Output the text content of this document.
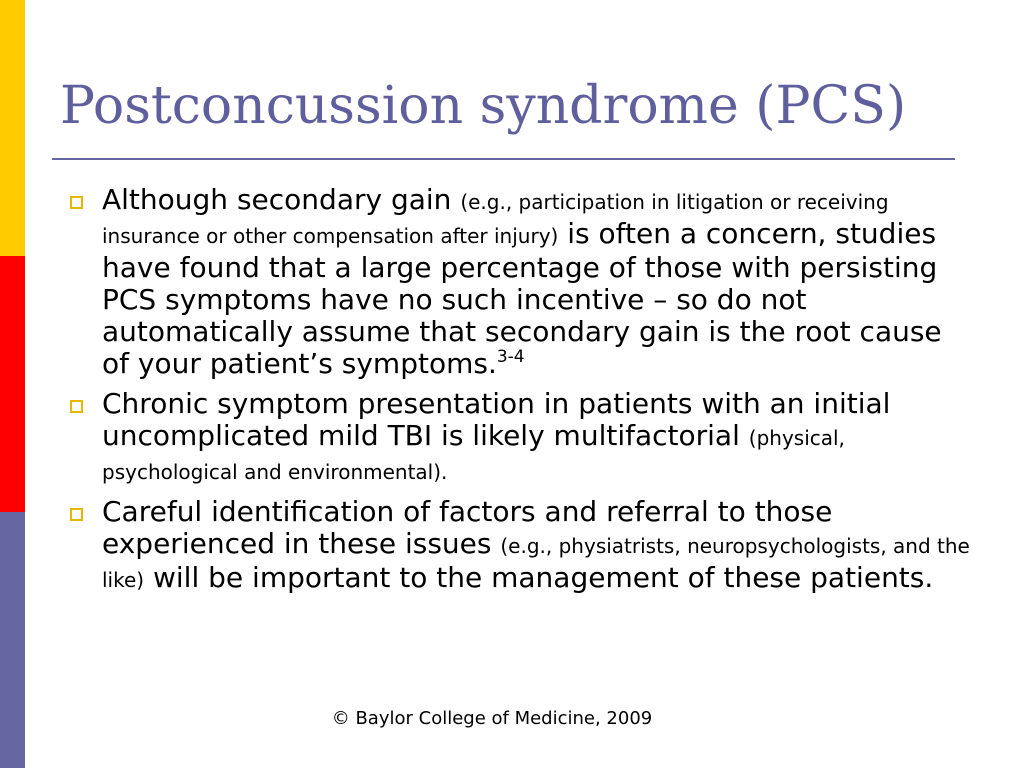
Postconcussion syndrome (PCS)
Although secondary gain (e.g., participation in litigation or receiving insurance or other compensation after injury) is often a concern, studies have found that a large percentage of those with persisting PCS symptoms have no such incentive – so do not automatically assume that secondary gain is the root cause of your patient’s symptoms.$^{3-4}$
Chronic symptom presentation in patients with an initial uncomplicated mild TBI is likely multifactorial (physical, psychological and environmental).
Careful identification of factors and referral to those experienced in these issues (e.g., physiatrists, neuropsychologists, and the like) will be important to the management of these patients.
© Baylor College of Medicine, 2009
